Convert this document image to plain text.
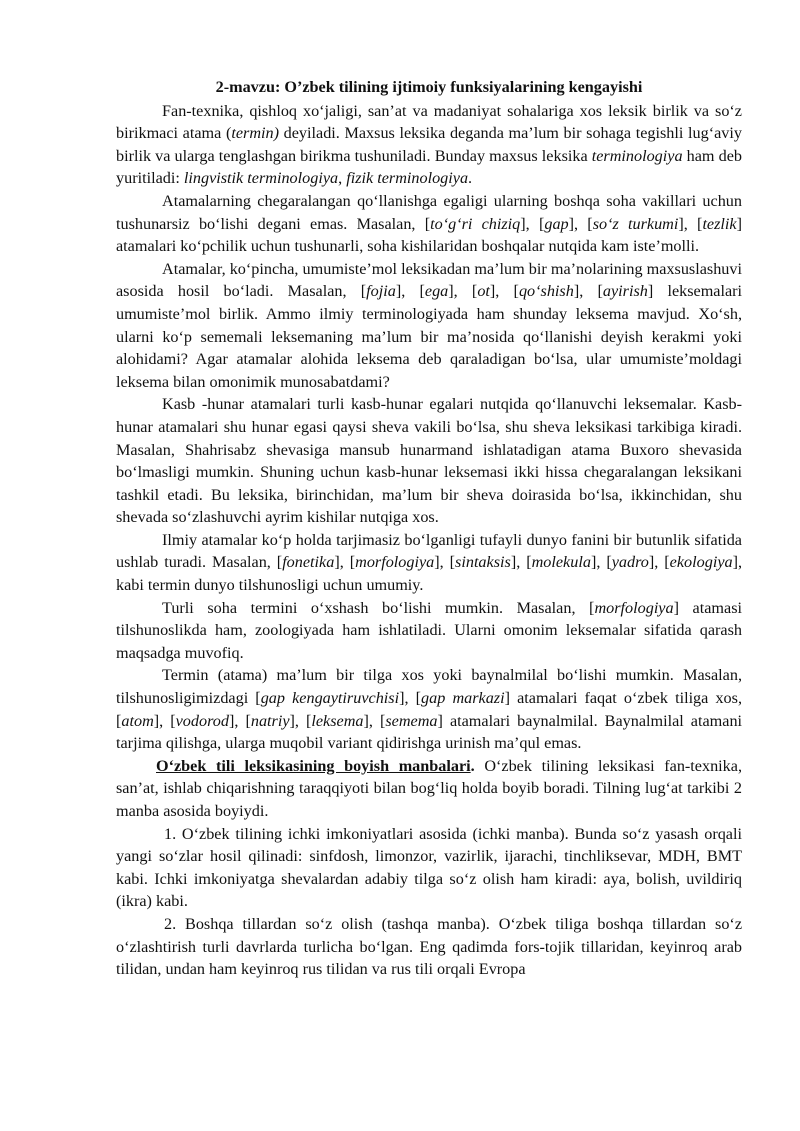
2-mavzu: O’zbek tilining ijtimoiy funksiyalarining kengayishi

Fan-texnika, qishloq xo‘jaligi, san’at va madaniyat sohalariga xos leksik birlik va so‘z birikmaci atama (termin) deyiladi. Maxsus leksika deganda ma’lum bir sohaga tegishli lug‘aviy birlik va ularga tenglashgan birikma tushuniladi. Bunday maxsus leksika terminologiya ham deb yuritiladi: lingvistik terminologiya, fizik terminologiya.

Atamalarning chegaralangan qo‘llanishga egaligi ularning boshqa soha vakillari uchun tushunarsiz bo‘lishi degani emas. Masalan, [to‘g‘ri chiziq], [gap], [so‘z turkumi], [tezlik] atamalari ko‘pchilik uchun tushunarli, soha kishilaridan boshqalar nutqida kam iste’molli.

Atamalar, ko‘pincha, umumiste’mol leksikadan ma’lum bir ma’nolarining maxsuslashuvi asosida hosil bo‘ladi. Masalan, [fojia], [ega], [ot], [qo‘shish], [ayirish] leksemalari umumiste’mol birlik. Ammo ilmiy terminologiyada ham shunday leksema mavjud. Xo‘sh, ularni ko‘p sememali leksemaning ma’lum bir ma’nosida qo‘llanishi deyish kerakmi yoki alohidami? Agar atamalar alohida leksema deb qaraladigan bo‘lsa, ular umumiste’moldagi leksema bilan omonimik munosabatdami?

Kasb -hunar atamalari turli kasb-hunar egalari nutqida qo‘llanuvchi leksemalar. Kasb-hunar atamalari shu hunar egasi qaysi sheva vakili bo‘lsa, shu sheva leksikasi tarkibiga kiradi. Masalan, Shahrisabz shevasiga mansub hunarmand ishlatadigan atama Buxoro shevasida bo‘lmasligi mumkin. Shuning uchun kasb-hunar leksemasi ikki hissa chegaralangan leksikani tashkil etadi. Bu leksika, birinchidan, ma’lum bir sheva doirasida bo‘lsa, ikkinchidan, shu shevada so‘zlashuvchi ayrim kishilar nutqiga xos.

Ilmiy atamalar ko‘p holda tarjimasiz bo‘lganligi tufayli dunyo fanini bir butunlik sifatida ushlab turadi. Masalan, [fonetika], [morfologiya], [sintaksis], [molekula], [yadro], [ekologiya], kabi termin dunyo tilshunosligi uchun umumiy.

Turli soha termini o‘xshash bo‘lishi mumkin. Masalan, [morfologiya] atamasi tilshunoslikda ham, zoologiyada ham ishlatiladi. Ularni omonim leksemalar sifatida qarash maqsadga muvofiq.

Termin (atama) ma’lum bir tilga xos yoki baynalmilal bo‘lishi mumkin. Masalan, tilshunosligimizdagi [gap kengaytiruvchisi], [gap markazi] atamalari faqat o‘zbek tiliga xos, [atom], [vodorod], [natriy], [leksema], [semema] atamalari baynalmilal. Baynalmilal atamani tarjima qilishga, ularga muqobil variant qidirishga urinish ma’qul emas.

O‘zbek tili leksikasining boyish manbalari. O‘zbek tilining leksikasi fan-texnika, san’at, ishlab chiqarishning taraqqiyoti bilan bog‘liq holda boyib boradi. Tilning lug‘at tarkibi 2 manba asosida boyiydi.

1. O‘zbek tilining ichki imkoniyatlari asosida (ichki manba). Bunda so‘z yasash orqali yangi so‘zlar hosil qilinadi: sinfdosh, limonzor, vazirlik, ijarachi, tinchliksevar, MDH, BMT kabi. Ichki imkoniyatga shevalardan adabiy tilga so‘z olish ham kiradi: aya, bolish, uvildiriq (ikra) kabi.

2. Boshqa tillardan so‘z olish (tashqa manba). O‘zbek tiliga boshqa tillardan so‘z o‘zlashtirish turli davrlarda turlicha bo‘lgan. Eng qadimda fors-tojik tillaridan, keyinroq arab tilidan, undan ham keyinroq rus tilidan va rus tili orqali Evropa
